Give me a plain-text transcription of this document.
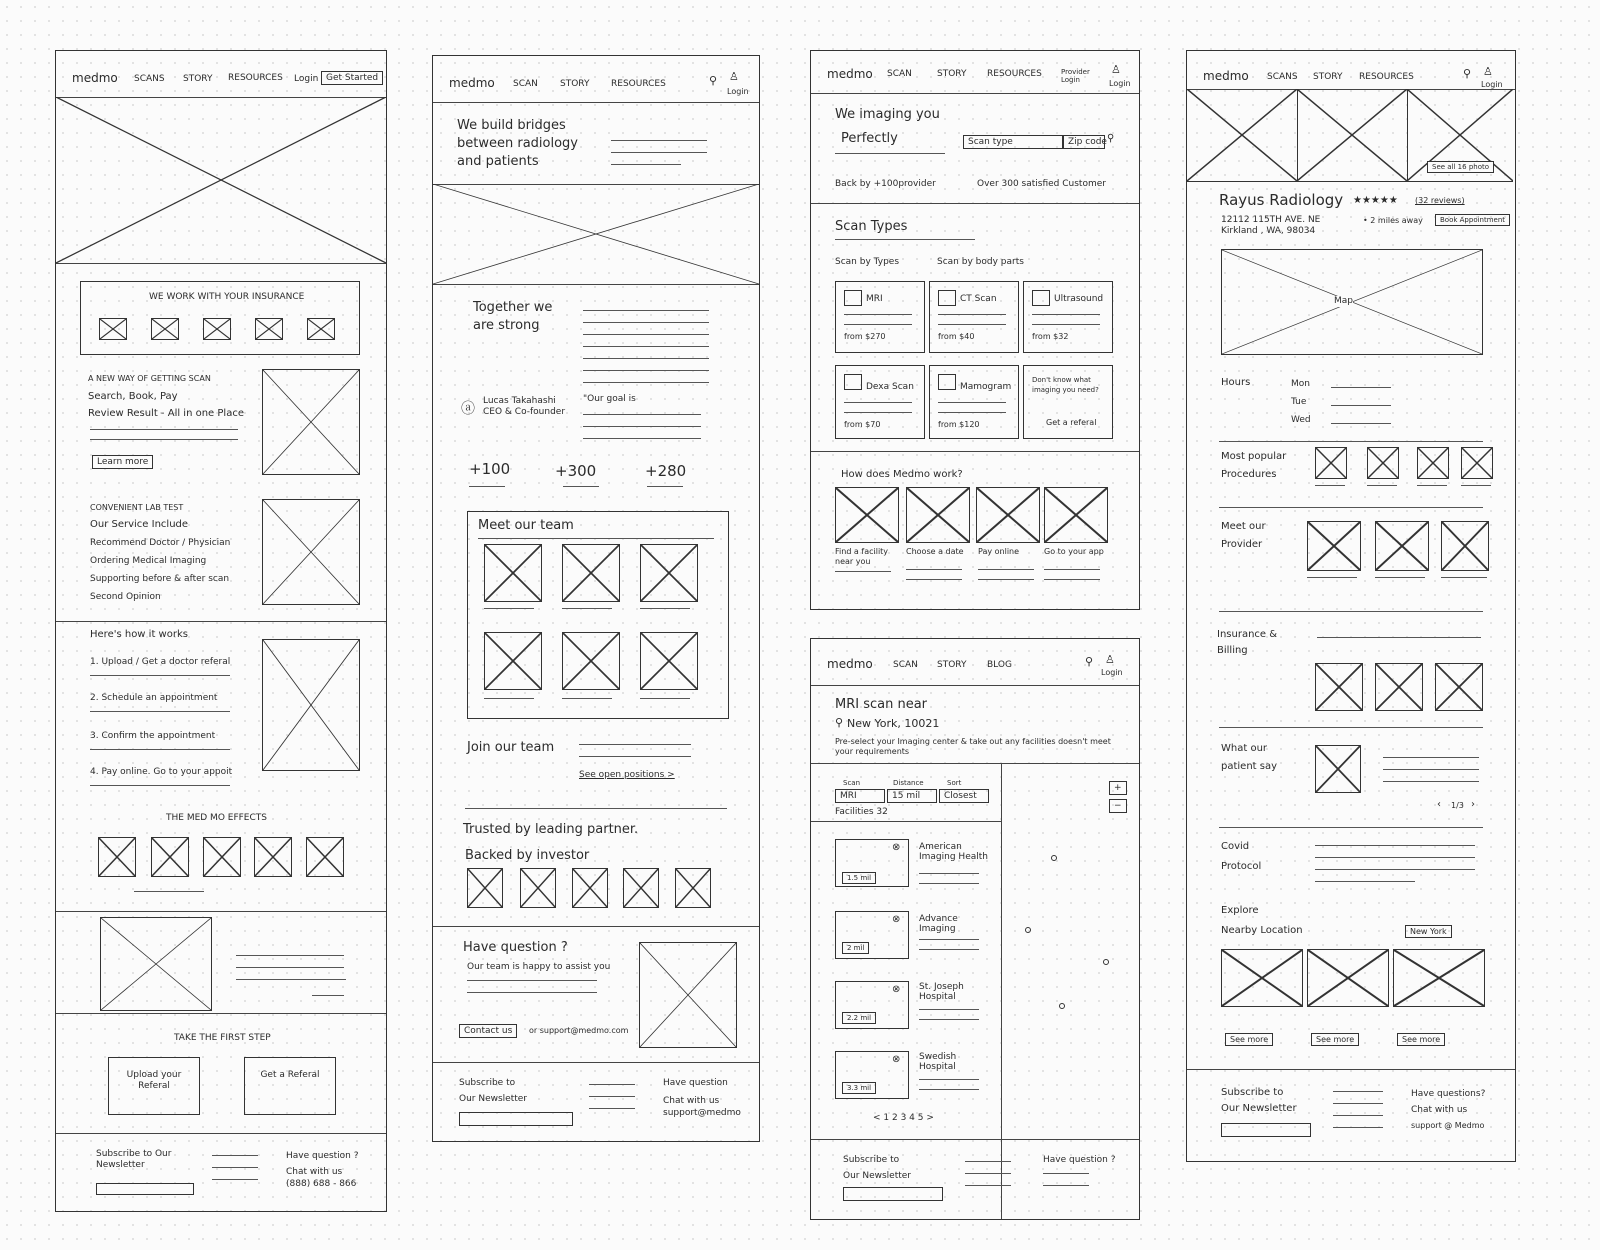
medmo SCANS STORY RESOURCES Login Get Started
WE WORK WITH YOUR INSURANCE
A NEW WAY OF GETTING SCAN
Search, Book, Pay
Review Result - All in one Place
Learn more
CONVENIENT LAB TEST
Our Service Include
Recommend Doctor / Physician
Ordering Medical Imaging
Supporting before & after scan
Second Opinion
Here's how it works
1. Upload / Get a doctor referal
2. Schedule an appointment
3. Confirm the appointment
4. Pay online. Go to your appoit
THE MED MO EFFECTS
TAKE THE FIRST STEP
Upload your Referal
Get a Referal
Subscribe to Our Newsletter
Have question ?
Chat with us
(888) 688 - 866
medmo SCAN STORY RESOURCES	⚲ ♙
Login
We build bridges
between radiology
and patients
Together we
are strong
ⓐ Lucas Takahashi
CEO & Co-founder
"Our goal is
+100	+300	+280
Meet our team
Join our team
See open positions >
Trusted by leading partner.
Backed by investor
Have question ?
Our team is happy to assist you
Contact us	or support@medmo.com
Subscribe to
Our Newsletter
Have question
Chat with us
support@medmo
medmo SCAN	STORY RESOURCES	Provider Login
♙
Login
We imaging you
Perfectly	Scan type	Zip code ⚲
Back by +100provider	Over 300 satisfied Customer
Scan Types
Scan by Types	Scan by body parts
MRI
from $270
CT Scan
from $40
Ultrasound
from $32
Dexa Scan
from $70
Mamogram
from $120
Don't know what
imaging you need?
Get a referal
How does Medmo work?
Find a facility near you
Choose a date Pay online	Go to your app
medmo SCAN STORY BLOG	⚲ ♙
Login
MRI scan near
⚲ New York, 10021
Pre-select your Imaging center & take out any facilities doesn't meet your requirements
Scan	Distance	Sort
MRI	15 mil	Closest
Facilities 32
+
−
⊗
1.5 mil
American Imaging Health
⊗
2 mil
Advance Imaging
⊗
2.2 mil
St. Joseph Hospital
⊗
3.3 mil
Swedish Hospital
< 1 2 3 4 5 >
Subscribe to
Our Newsletter
Have question ?
medmo SCANS STORY RESOURCES	⚲ ♙
Login
See all 16 photo
Rayus Radiology ★★★★★ (32 reviews)
12112 115TH AVE. NE
Kirkland , WA, 98034
• 2 miles away	Book Appointment
Map
Hours	Mon
Tue
Wed
Most popular
Procedures
Meet our
Provider
Insurance &
Billing
What our
patient say
1/3
‹	›
Covid
Protocol
Explore
Nearby Location	New York
See more	See more	See more
Subscribe to
Our Newsletter
Have questions?
Chat with us
support @ Medmo
